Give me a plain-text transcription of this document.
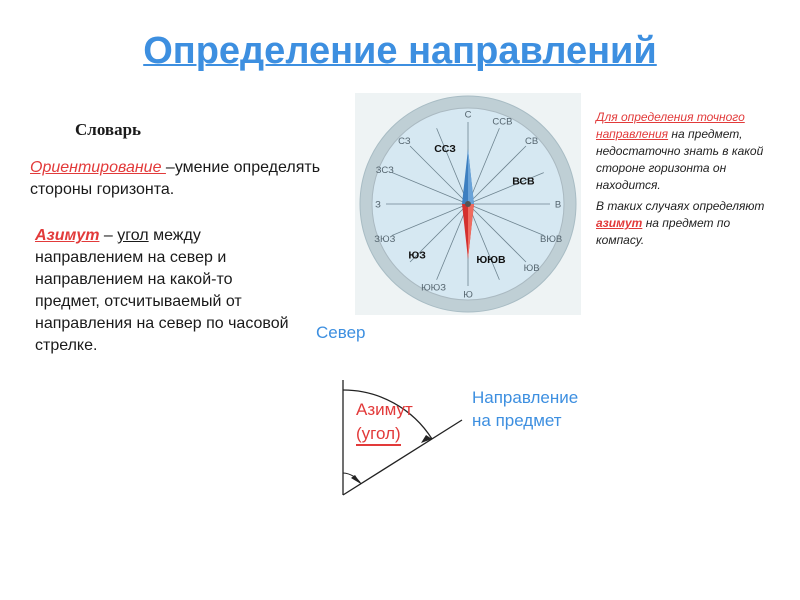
Определение направлений
Словарь
Ориентирование –умение определять стороны горизонта.
Азимут – угол между направлением на север и направлением на какой-то предмет, отсчитываемый от направления на север по часовой стрелке.
С
ССВ
СВ
ВСВ
В
ВЮВ
ЮВ
ЮЮВ
Ю
ЮЮЗ
ЮЗ
ЗЮЗ
З
ЗСЗ
СЗ
ССЗ

Для определения точного направления на предмет, недостаточно знать в какой стороне горизонта он находится.

В таких случаях определяют азимут на предмет по компасу.

Север
Направление
на предмет
Азимут
(угол)
